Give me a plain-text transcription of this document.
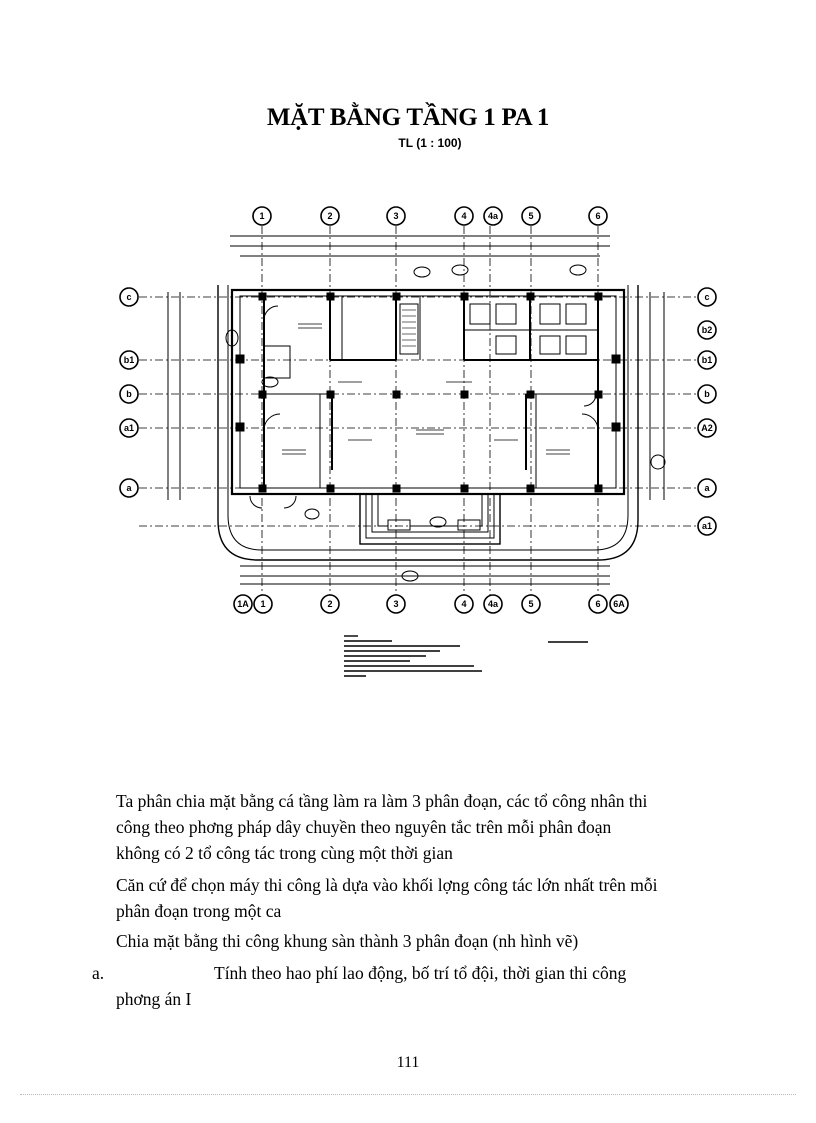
MẶT BẰNG TẦNG 1 PA 1
TL (1 : 100)
1	2	3	4 4a	5	6
1A 1	2	3	4 4a	5	6 6A
c
b1
b
a1
a
c
b2
b1
b
A2
a
a1
Ta phân chia mặt bằng cá tầng làm ra làm 3 phân đoạn, các tổ công nhân thi
công theo phơng pháp dây chuyền theo nguyên tắc trên mỗi phân đoạn
không có 2 tổ công tác trong cùng một thời gian
Căn cứ để chọn máy thi công là dựa vào khối lợng công tác lớn nhất trên mỗi
phân đoạn trong một ca
Chia mặt bằng thi công khung sàn thành 3 phân đoạn (nh hình vẽ)
a.	Tính theo hao phí lao động, bố trí tổ đội, thời gian thi công
phơng án I
111
